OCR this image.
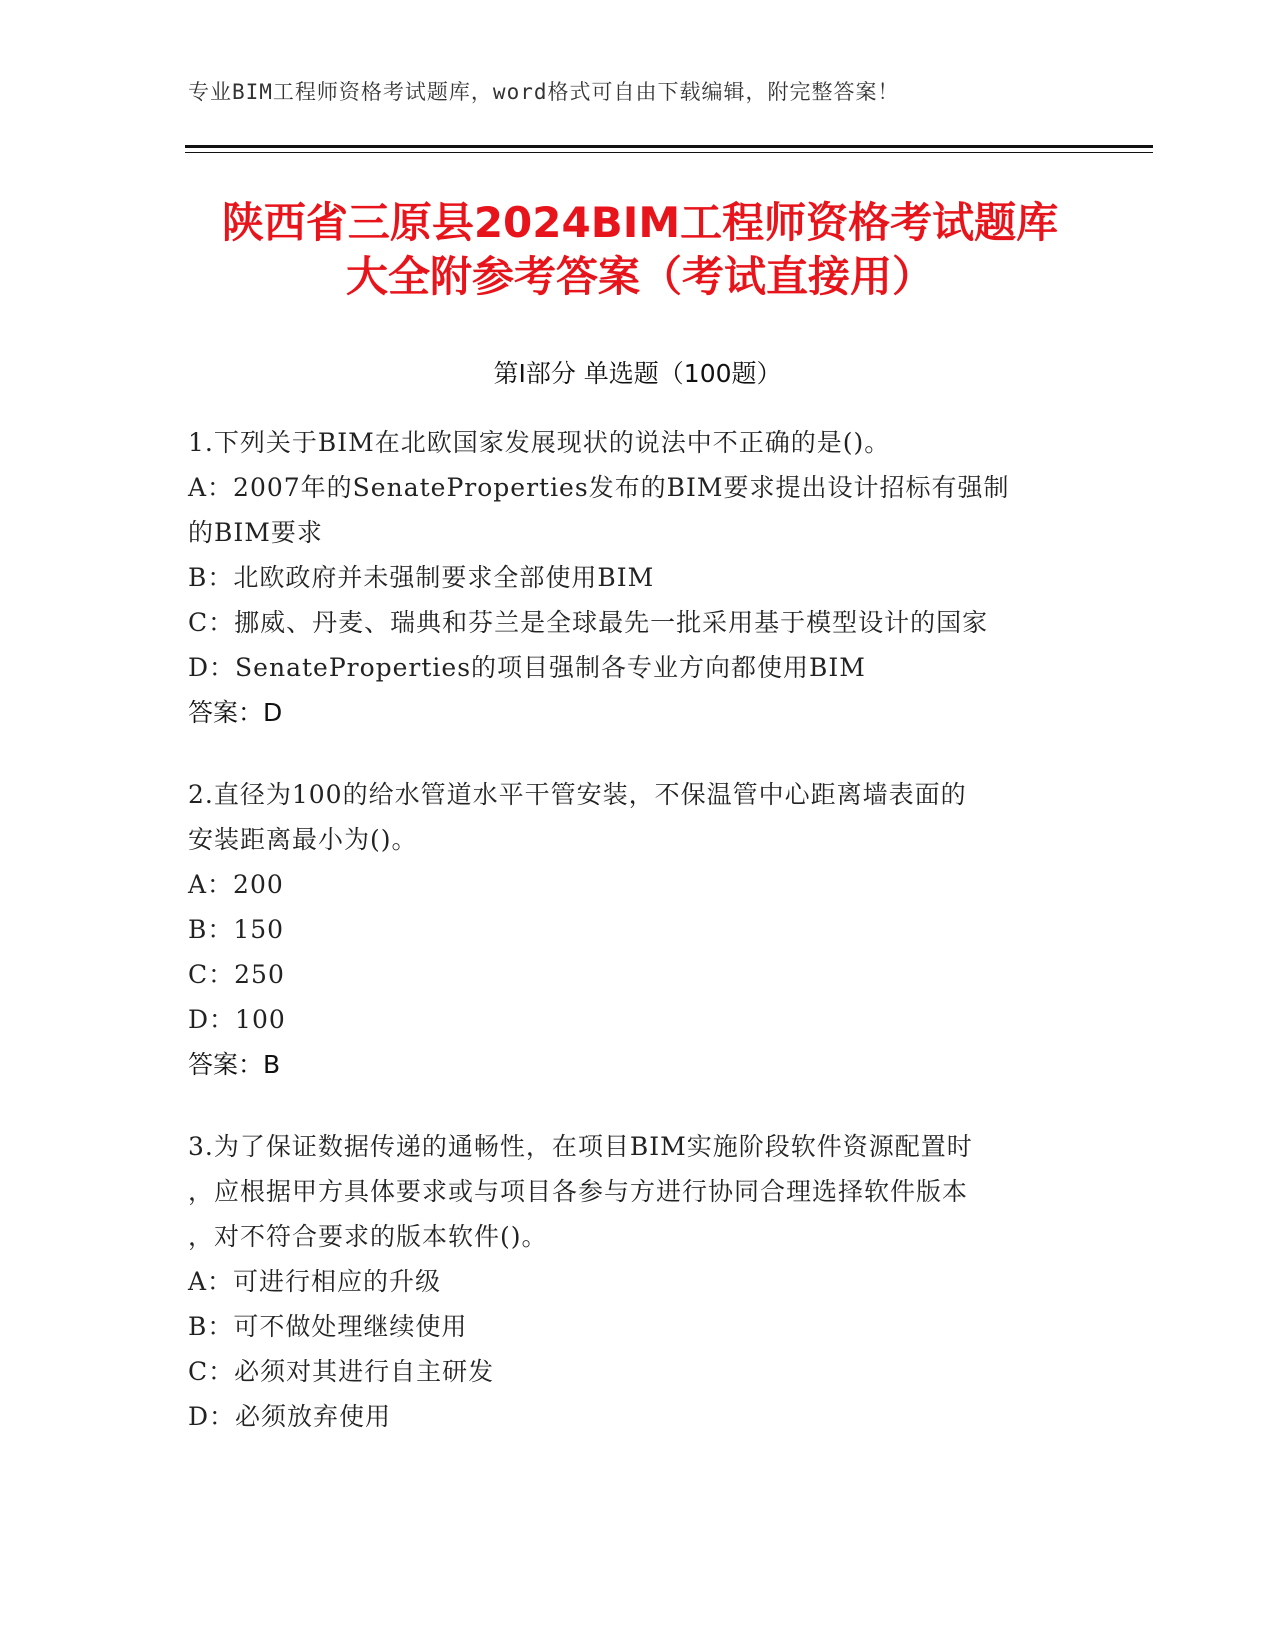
专业BIM工程师资格考试题库，word格式可自由下载编辑，附完整答案！
陕西省三原县2024BIM工程师资格考试题库
大全附参考答案（考试直接用）
第Ⅰ部分 单选题（100题）
1.下列关于BIM在北欧国家发展现状的说法中不正确的是()。
A：2007年的SenateProperties发布的BIM要求提出设计招标有强制
的BIM要求
B：北欧政府并未强制要求全部使用BIM
C：挪威、丹麦、瑞典和芬兰是全球最先一批采用基于模型设计的国家
D：SenateProperties的项目强制各专业方向都使用BIM
答案：D
2.直径为100的给水管道水平干管安装，不保温管中心距离墙表面的
安装距离最小为()。
A：200
B：150
C：250
D：100
答案：B
3.为了保证数据传递的通畅性，在项目BIM实施阶段软件资源配置时
，应根据甲方具体要求或与项目各参与方进行协同合理选择软件版本
，对不符合要求的版本软件()。
A：可进行相应的升级
B：可不做处理继续使用
C：必须对其进行自主研发
D：必须放弃使用
